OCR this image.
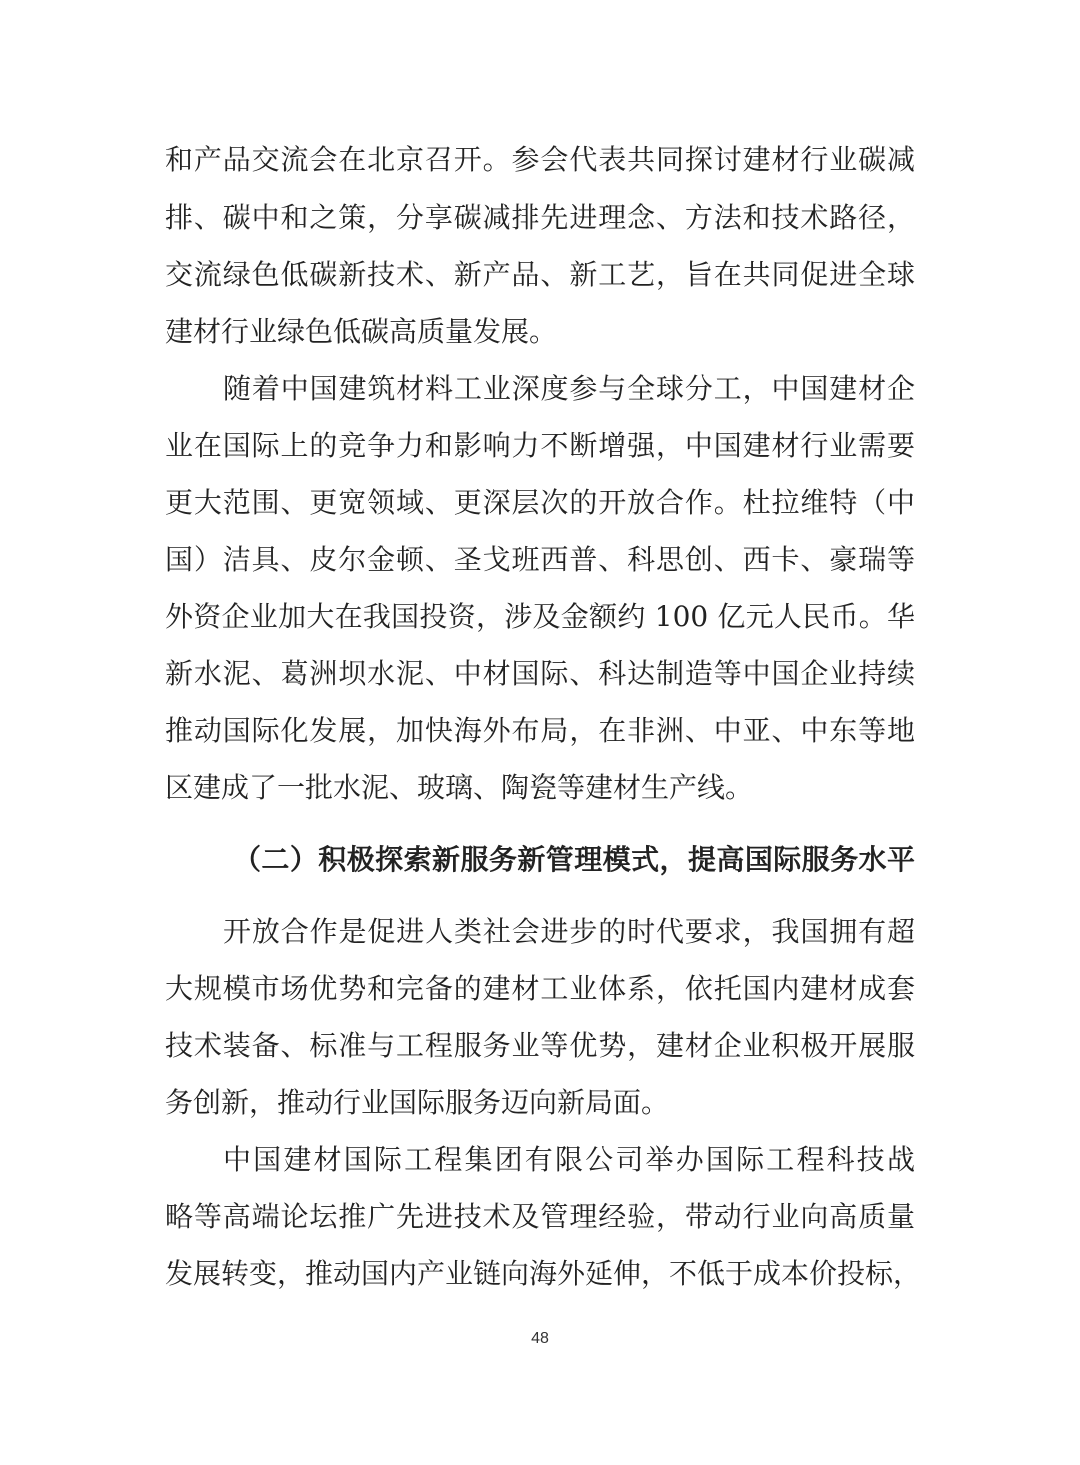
和产品交流会在北京召开。参会代表共同探讨建材行业碳减
排、碳中和之策，分享碳减排先进理念、方法和技术路径，
交流绿色低碳新技术、新产品、新工艺，旨在共同促进全球
建材行业绿色低碳高质量发展。
随着中国建筑材料工业深度参与全球分工，中国建材企
业在国际上的竞争力和影响力不断增强，中国建材行业需要
更大范围、更宽领域、更深层次的开放合作。杜拉维特（中
国）洁具、皮尔金顿、圣戈班西普、科思创、西卡、豪瑞等
外资企业加大在我国投资，涉及金额约 100 亿元人民币。华
新水泥、葛洲坝水泥、中材国际、科达制造等中国企业持续
推动国际化发展，加快海外布局，在非洲、中亚、中东等地
区建成了一批水泥、玻璃、陶瓷等建材生产线。
（二）积极探索新服务新管理模式，提高国际服务水平
开放合作是促进人类社会进步的时代要求，我国拥有超
大规模市场优势和完备的建材工业体系，依托国内建材成套
技术装备、标准与工程服务业等优势，建材企业积极开展服
务创新，推动行业国际服务迈向新局面。
中国建材国际工程集团有限公司举办国际工程科技战
略等高端论坛推广先进技术及管理经验，带动行业向高质量
发展转变，推动国内产业链向海外延伸，不低于成本价投标，
48
